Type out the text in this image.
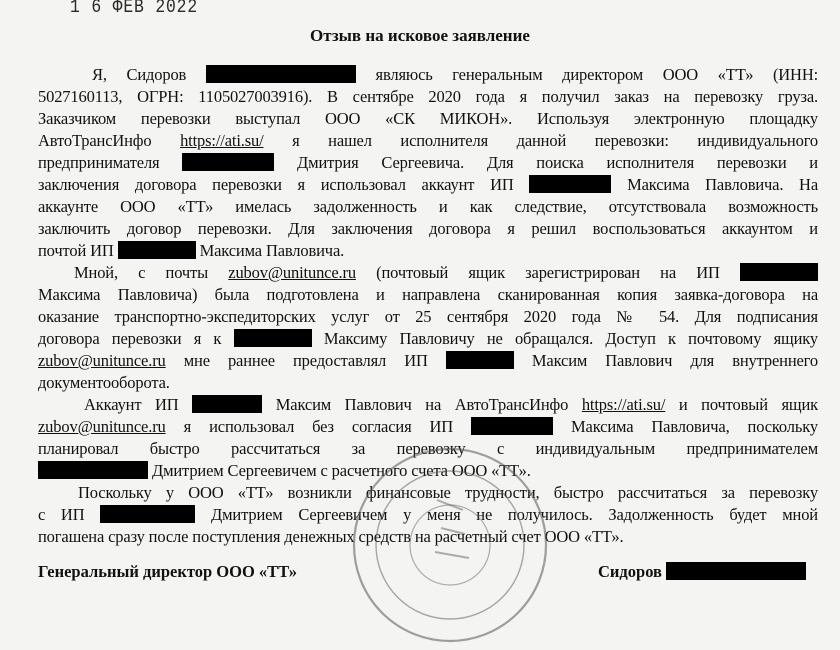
1 6 ФЕВ 2022
Отзыв на исковое заявление
Я, Сидоров	являюсь генеральным директором ООО «ТТ» (ИНН:
5027160113, ОГРН: 1105027003916). В сентябре 2020 года я получил заказ на перевозку груза.
Заказчиком перевозки выступал ООО «СК МИКОН». Используя электронную площадку
АвтоТрансИнфо https://ati.su/ я нашел исполнителя данной перевозки: индивидуального
предпринимателя	Дмитрия Сергеевича. Для поиска исполнителя перевозки и
заключения договора перевозки я использовал аккаунт ИП	Максима Павловича. На
аккаунте ООО «ТТ» имелась задолженность и как следствие, отсутствовала возможность
заключить договор перевозки. Для заключения договора я решил воспользоваться аккаунтом и
почтой ИП	Максима Павловича.
Мной, с почты zubov@unitunce.ru (почтовый ящик зарегистрирован на ИП
Максима Павловича) была подготовлена и направлена сканированная копия заявка-договора на
оказание транспортно-экспедиторских услуг от 25 сентября 2020 года № 54. Для подписания
договора перевозки я к	Максиму Павловичу не обращался. Доступ к почтовому ящику
zubov@unitunce.ru мне раннее предоставлял ИП	Максим Павлович для внутреннего
документооборота.
Аккаунт ИП	Максим Павлович на АвтоТрансИнфо https://ati.su/ и почтовый ящик
zubov@unitunce.ru я использовал без согласия ИП	Максима Павловича, поскольку
планировал быстро рассчитаться за перевозку с индивидуальным предпринимателем
Дмитрием Сергеевичем с расчетного счета ООО «ТТ».
Поскольку у ООО «ТТ» возникли финансовые трудности, быстро рассчитаться за перевозку
с ИП	Дмитрием Сергеевичем у меня не получилось. Задолженность будет мной
погашена сразу после поступления денежных средств на расчетный счет ООО «ТТ».
Генеральный директор ООО «ТТ»	Сидоров
